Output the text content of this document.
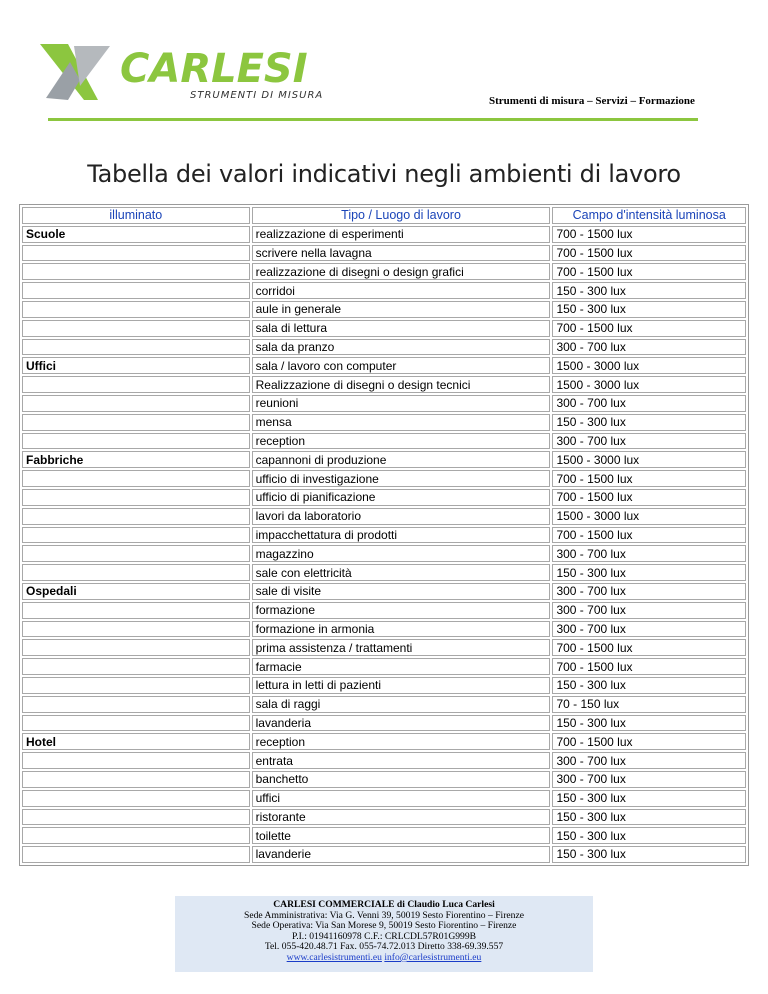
CARLESI
STRUMENTI DI MISURA	Strumenti di misura – Servizi – Formazione
Tabella dei valori indicativi negli ambienti di lavoro
illuminato	Tipo / Luogo di lavoro	Campo d'intensità luminosa
Scuole	realizzazione di esperimenti	700 - 1500 lux
	scrivere nella lavagna	700 - 1500 lux
	realizzazione di disegni o design grafici	700 - 1500 lux
	corridoi	150 - 300 lux
	aule in generale	150 - 300 lux
	sala di lettura	700 - 1500 lux
	sala da pranzo	300 - 700 lux
Uffici	sala / lavoro con computer	1500 - 3000 lux
	Realizzazione di disegni o design tecnici	1500 - 3000 lux
	reunioni	300 - 700 lux
	mensa	150 - 300 lux
	reception	300 - 700 lux
Fabbriche	capannoni di produzione	1500 - 3000 lux
	ufficio di investigazione	700 - 1500 lux
	ufficio di pianificazione	700 - 1500 lux
	lavori da laboratorio	1500 - 3000 lux
	impacchettatura di prodotti	700 - 1500 lux
	magazzino	300 - 700 lux
	sale con elettricità	150 - 300 lux
Ospedali	sale di visite	300 - 700 lux
	formazione	300 - 700 lux
	formazione in armonia	300 - 700 lux
	prima assistenza / trattamenti	700 - 1500 lux
	farmacie	700 - 1500 lux
	lettura in letti di pazienti	150 - 300 lux
	sala di raggi	70 - 150 lux
	lavanderia	150 - 300 lux
Hotel	reception	700 - 1500 lux
	entrata	300 - 700 lux
	banchetto	300 - 700 lux
	uffici	150 - 300 lux
	ristorante	150 - 300 lux
	toilette	150 - 300 lux
	lavanderie	150 - 300 lux
CARLESI COMMERCIALE di Claudio Luca Carlesi
Sede Amministrativa: Via G. Venni 39, 50019 Sesto Fiorentino – Firenze
Sede Operativa: Via San Morese 9, 50019 Sesto Fiorentino – Firenze
P.I.: 01941160978 C.F.: CRLCDL57R01G999B
Tel. 055-420.48.71 Fax. 055-74.72.013 Diretto 338-69.39.557
www.carlesistrumenti.eu info@carlesistrumenti.eu
